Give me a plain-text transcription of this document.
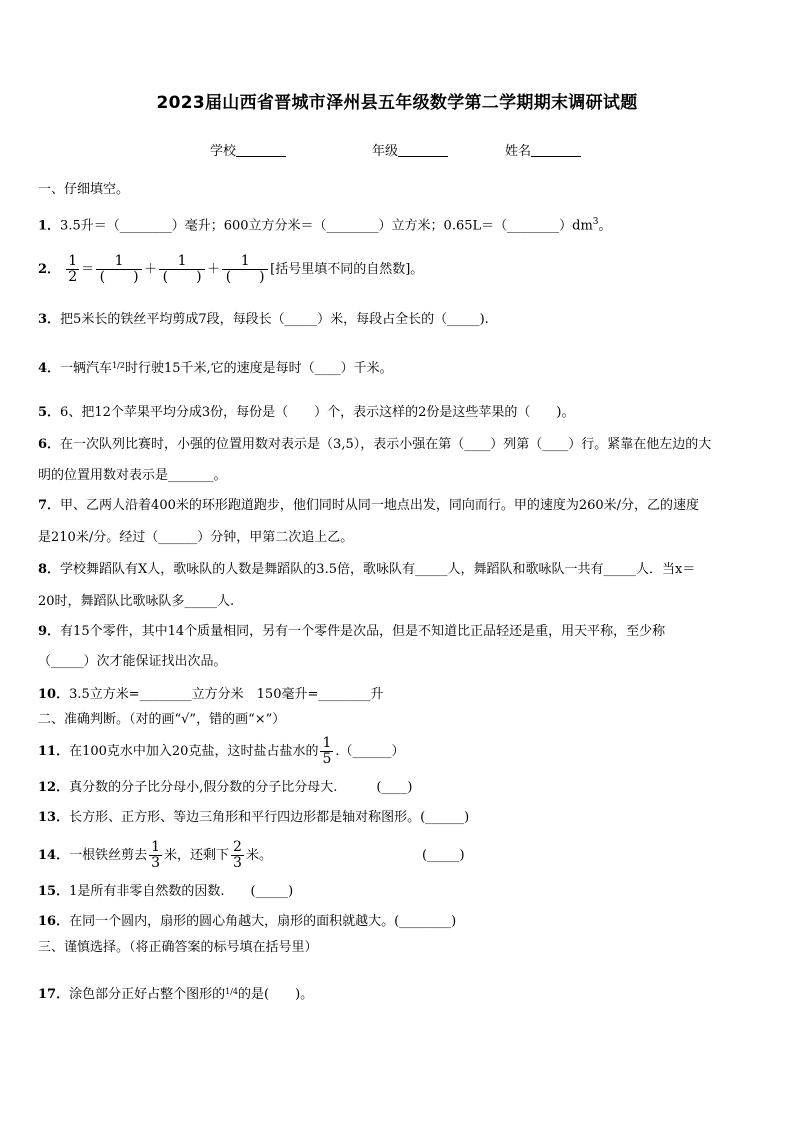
2023届山西省晋城市泽州县五年级数学第二学期期末调研试题
学校	年级	姓名
一、仔细填空。
1．3.5升＝（________）毫升；600立方分米＝（________）立方米；$0.65L=(\_\_\_\_\_\_\_\_)dm^3$。
2． $\frac{1}{2} = \frac{1}{( )} + \frac{1}{( )} + \frac{1}{( )}$ [括号里填不同的自然数]。
3．把5米长的铁丝平均剪成7段，每段长（_____）米，每段占全长的（_____).
4．一辆汽车$^{1/2}$时行驶15千米,它的速度是每时（____）千米。
5．6、把12个苹果平均分成3份，每份是（　　）个，表示这样的2份是这些苹果的（　　)。
6．在一次队列比赛时，小强的位置用数对表示是（3,5），表示小强在第（____）列第（____）行。紧靠在他左边的大
明的位置用数对表示是_______。
7．甲、乙两人沿着400米的环形跑道跑步，他们同时从同一地点出发，同向而行。甲的速度为260米/分，乙的速度
是210米/分。经过（______）分钟，甲第二次追上乙。
8．学校舞蹈队有X人，歌咏队的人数是舞蹈队的3.5倍，歌咏队有_____人，舞蹈队和歌咏队一共有_____人．当x＝
20时，舞蹈队比歌咏队多_____人.
9．有15个零件，其中14个质量相同，另有一个零件是次品，但是不知道比正品轻还是重，用天平称，至少称
（_____）次才能保证找出次品。
10．3.5立方米=________立方分米　150毫升=________升
二、准确判断。（对的画“√”，错的画“×”）
11．在100克水中加入20克盐，这时盐占盐水的 $\frac{1}{5}$ .（______）
12．真分数的分子比分母小,假分数的分子比分母大.　　　(____)
13．长方形、正方形、等边三角形和平行四边形都是轴对称图形。(______)
14．一根铁丝剪去 $\frac{1}{3}$ 米，还剩下 $\frac{2}{3}$ 米。	(_____)
15．1是所有非零自然数的因数.　　(_____)
16．在同一个圆内，扇形的圆心角越大，扇形的面积就越大。(________)
三、谨慎选择。（将正确答案的标号填在括号里）
17．涂色部分正好占整个图形的$^{1/4}$的是(　　)。
